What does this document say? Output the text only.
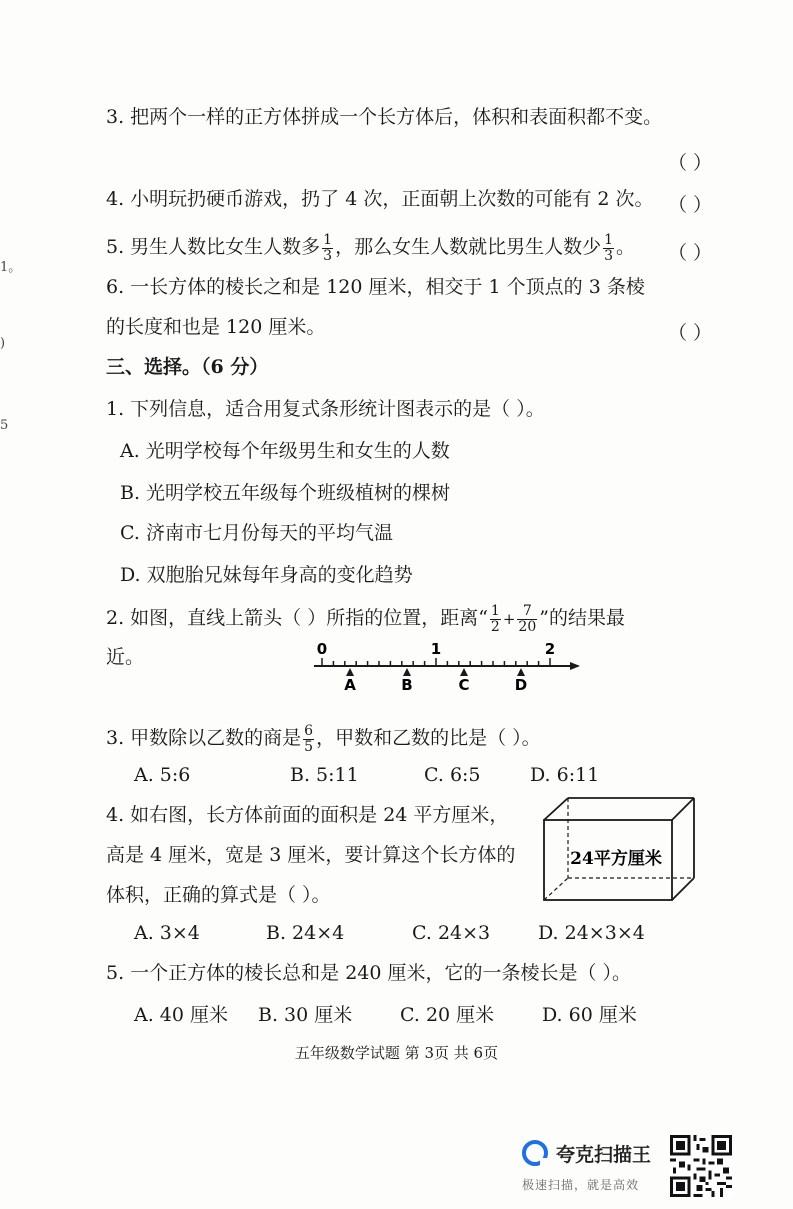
3. 把两个一样的正方体拼成一个长方体后，体积和表面积都不变。
（ ）
4. 小明玩扔硬币游戏，扔了 4 次，正面朝上次数的可能有 2 次。 （ ）
5. 男生人数比女生人数多 $\frac{1}{3}$ ，那么女生人数就比男生人数少 $\frac{1}{3}$ 。 （ ）
6. 一长方体的棱长之和是 120 厘米，相交于 1 个顶点的 3 条棱
的长度和也是 120 厘米。	（ ）
三、选择。（6 分）
1. 下列信息，适合用复式条形统计图表示的是（ ）。
A. 光明学校每个年级男生和女生的人数
B. 光明学校五年级每个班级植树的棵树
C. 济南市七月份每天的平均气温
D. 双胞胎兄妹每年身高的变化趋势
2. 如图，直线上箭头（ ）所指的位置，距离“ $\frac{1}{2} + \frac{7}{20}$ ”的结果最
近。	0	1	2
A	B	C	D
3. 甲数除以乙数的商是 $\frac{6}{5}$ ，甲数和乙数的比是（ ）。
A. 5:6	B. 5:11	C. 6:5	D. 6:11
4. 如右图，长方体前面的面积是 24 平方厘米，
高是 4 厘米，宽是 3 厘米，要计算这个长方体的
体积，正确的算式是（ ）。
24平方厘米
A. 3×4	B. 24×4	C. 24×3	D. 24×3×4
5. 一个正方体的棱长总和是 240 厘米，它的一条棱长是（ ）。
A. 40 厘米 B. 30 厘米	C. 20 厘米	D. 60 厘米
五年级数学试题 第 3页 共 6页
1。
)
5
夸克扫描王
极速扫描，就是高效
